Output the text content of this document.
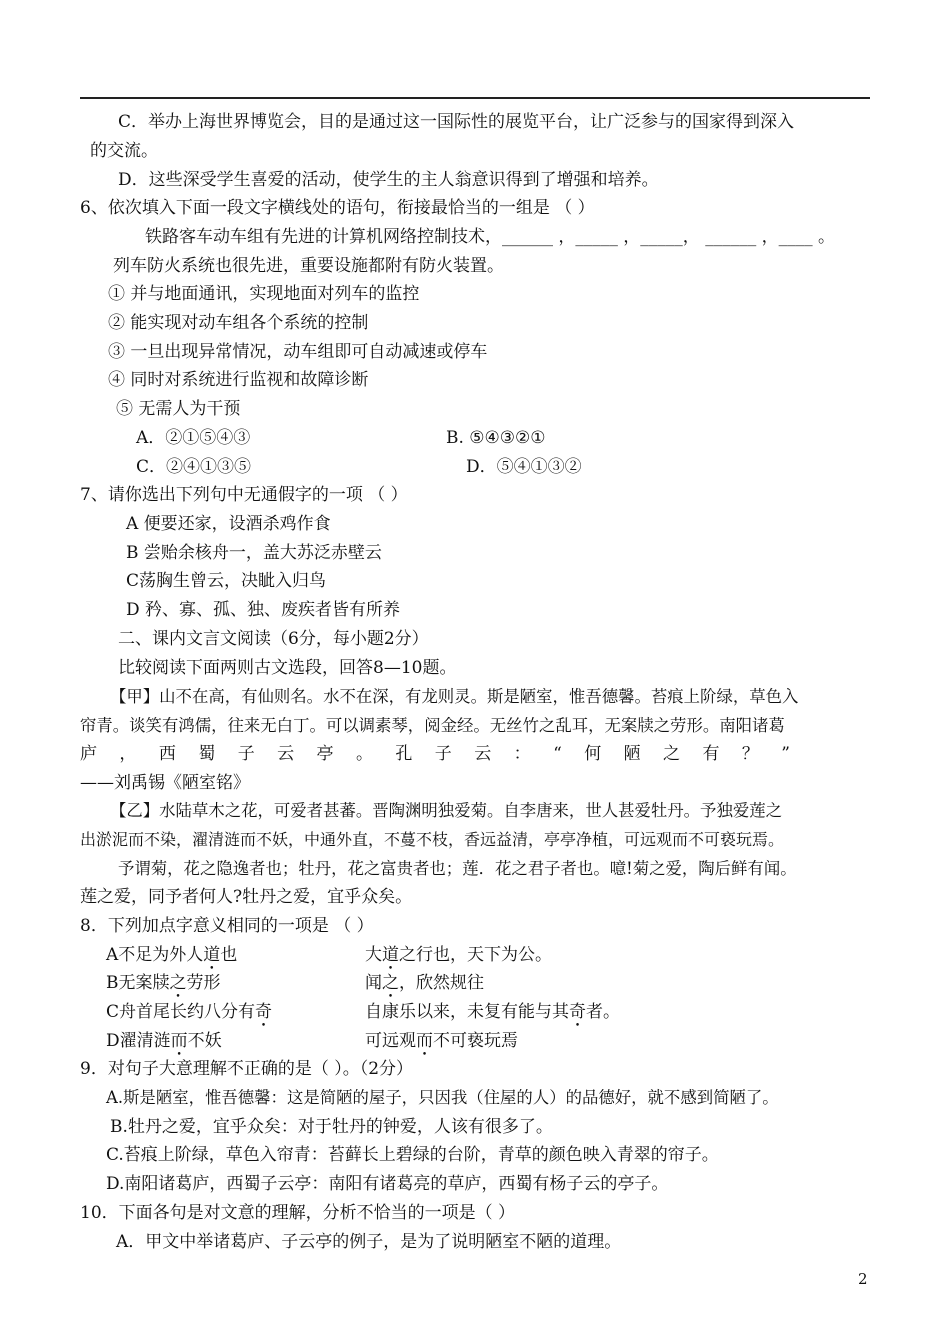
C．举办上海世界博览会，目的是通过这一国际性的展览平台，让广泛参与的国家得到深入
的交流。
D．这些深受学生喜爱的活动，使学生的主人翁意识得到了增强和培养。
6、依次填入下面一段文字横线处的语句，衔接最恰当的一组是 （ ）
铁路客车动车组有先进的计算机网络控制技术，______ ，_____ ，_____， ______ ，____ 。
列车防火系统也很先进，重要设施都附有防火装置。
① 并与地面通讯，实现地面对列车的监控
② 能实现对动车组各个系统的控制
③ 一旦出现异常情况，动车组即可自动减速或停车
④ 同时对系统进行监视和故障诊断
⑤ 无需人为干预
A．②①⑤④③	B. ⑤④③②①
C．②④①③⑤	D．⑤④①③②
7、请你选出下列句中无通假字的一项 （ ）
A 便要还家，设酒杀鸡作食
B 尝贻余核舟一，盖大苏泛赤壁云
C荡胸生曾云，决眦入归鸟
D 矜、寡、孤、独、废疾者皆有所养
二、课内文言文阅读（6分，每小题2分）
比较阅读下面两则古文选段，回答8—10题。
【甲】山不在高，有仙则名。水不在深，有龙则灵。斯是陋室，惟吾德馨。苔痕上阶绿，草色入
帘青。谈笑有鸿儒，往来无白丁。可以调素琴，阅金经。无丝竹之乱耳，无案牍之劳形。南阳诸葛
庐 ， 西 蜀 子 云 亭 。 孔 子 云 ： “ 何 陋 之 有 ？ ”
——刘禹锡《陋室铭》
【乙】水陆草木之花，可爱者甚蕃。晋陶渊明独爱菊。自李唐来，世人甚爱牡丹。予独爱莲之
出淤泥而不染，濯清涟而不妖，中通外直，不蔓不枝，香远益清，亭亭净植，可远观而不可亵玩焉。
予谓菊，花之隐逸者也；牡丹，花之富贵者也；莲．花之君子者也。噫!菊之爱，陶后鲜有闻。
莲之爱，同予者何人?牡丹之爱，宜乎众矣。
8．下列加点字意义相同的一项是 （ ）
A不足为外人道也	大道之行也，天下为公。
B无案牍之劳形	闻之，欣然规往
C舟首尾长约八分有奇	自康乐以来，未复有能与其奇者。
D濯清涟而不妖	可远观而不可亵玩焉
9．对句子大意理解不正确的是（ ）。（2分）
A.斯是陋室，惟吾德馨：这是简陋的屋子，只因我（住屋的人）的品德好，就不感到简陋了。
B.牡丹之爱，宜乎众矣：对于牡丹的钟爱，人该有很多了。
C.苔痕上阶绿，草色入帘青：苔藓长上碧绿的台阶，青草的颜色映入青翠的帘子。
D.南阳诸葛庐，西蜀子云亭：南阳有诸葛亮的草庐，西蜀有杨子云的亭子。
10．下面各句是对文意的理解，分析不恰当的一项是（ ）
A．甲文中举诸葛庐、子云亭的例子，是为了说明陋室不陋的道理。
2
